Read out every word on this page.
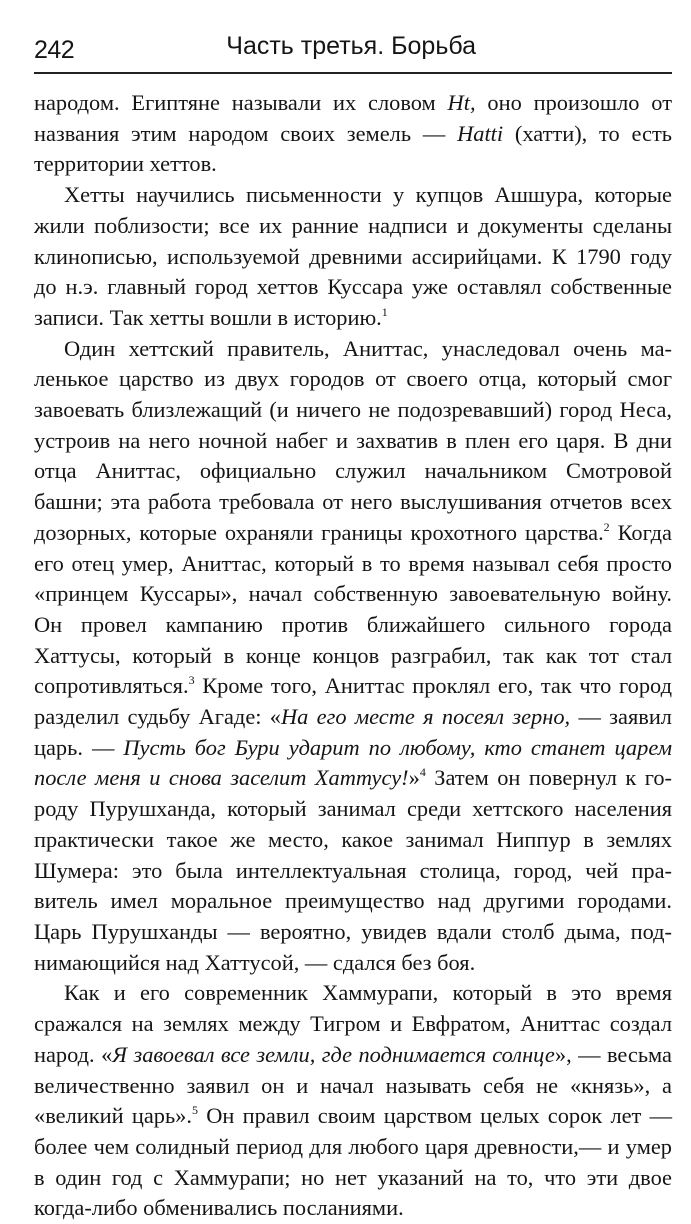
242	Часть третья. Борьба

народом. Египтяне называли их словом Ht, оно произошло от названия этим народом своих земель — Hatti (хатти), то есть территории хеттов.

Хетты научились письменности у купцов Ашшура, которые жили поблизости; все их ранние надписи и документы сделаны клинописью, используемой древними ассирийцами. К 1790 году до н.э. главный город хеттов Куссара уже оставлял собственные записи. Так хетты вошли в историю.$^1$

Один хеттский правитель, Аниттас, унаследовал очень маленькое царство из двух городов от своего отца, который смог завоевать близлежащий (и ничего не подозревавший) город Неса, устроив на него ночной набег и захватив в плен его царя. В дни отца Аниттас, официально служил начальником Смотровой башни; эта работа требовала от него выслушивания отчетов всех дозорных, которые охраняли границы крохотного царства.$^2$ Когда его отец умер, Аниттас, который в то время называл себя просто «принцем Куссары», начал собственную завоевательную войну. Он провел кампанию против ближайшего сильного города Хаттусы, который в конце концов разграбил, так как тот стал сопротивляться.$^3$ Кроме того, Аниттас проклял его, так что город разделил судьбу Агаде: «На его месте я посеял зерно, — заявил царь. — Пусть бог Бури ударит по любому, кто станет царем после меня и снова заселит Хаттусу!»$^4$ Затем он повернул к городу Пурушханда, который занимал среди хеттского населения практически такое же место, какое занимал Ниппур в землях Шумера: это была интеллектуальная столица, город, чей правитель имел моральное преимущество над другими городами. Царь Пурушханды — вероятно, увидев вдали столб дыма, поднимающийся над Хаттусой, — сдался без боя.

Как и его современник Хаммурапи, который в это время сражался на землях между Тигром и Евфратом, Аниттас создал народ. «Я завоевал все земли, где поднимается солнце», — весьма величественно заявил он и начал называть себя не «князь», а «великий царь».$^5$ Он правил своим царством целых сорок лет — более чем солидный период для любого царя древности,— и умер в один год с Хаммурапи; но нет указаний на то, что эти двое когда-либо обменивались посланиями.
